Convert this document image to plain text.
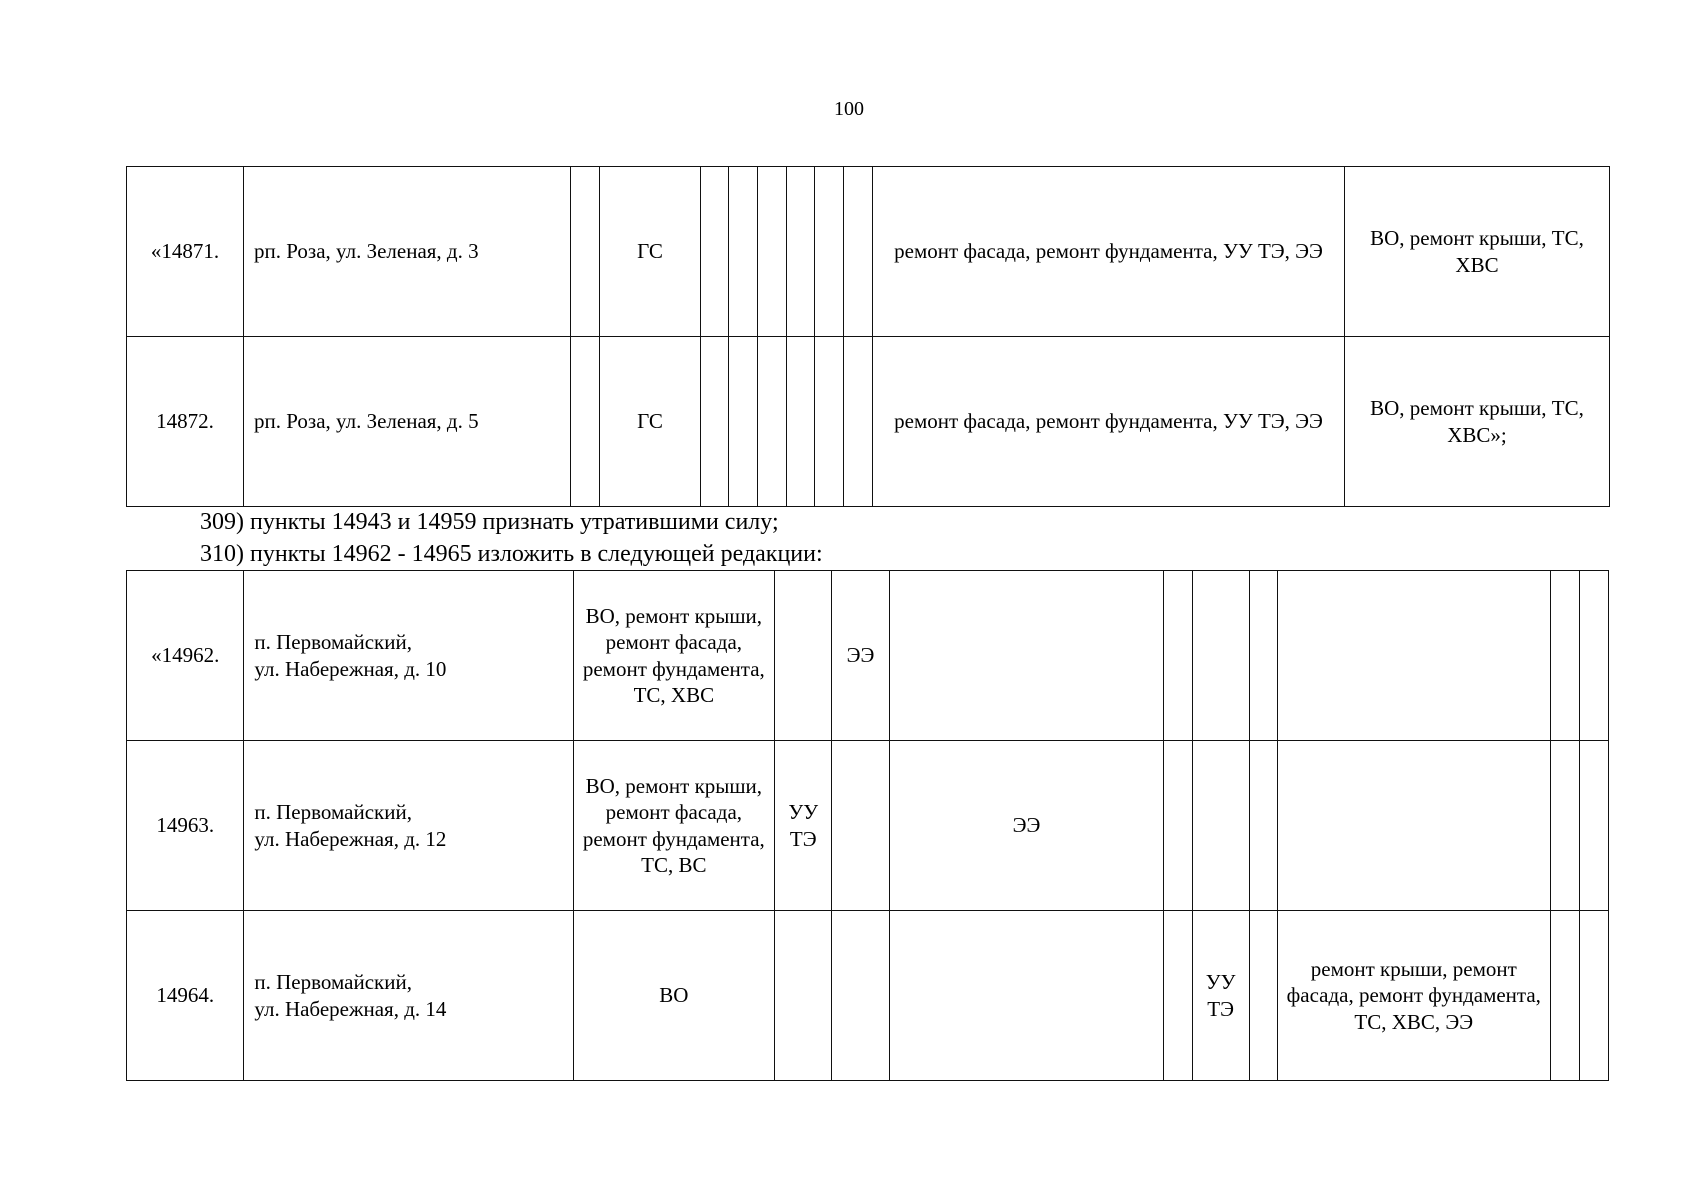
100
«14871.	рп. Роза, ул. Зеленая, д. 3		ГС							ремонт фасада, ремонт фундамента, УУ ТЭ, ЭЭ	ВО, ремонт крыши, ТС, ХВС
14872.	рп. Роза, ул. Зеленая, д. 5		ГС							ремонт фасада, ремонт фундамента, УУ ТЭ, ЭЭ	ВО, ремонт крыши, ТС, ХВС»;
309) пункты 14943 и 14959 признать утратившими силу;
310) пункты 14962 - 14965 изложить в следующей редакции:
«14962.	п. Первомайский,
ул. Набережная, д. 10	ВО, ремонт крыши, ремонт фасада, ремонт фундамента, ТС, ХВС		ЭЭ							
14963.	п. Первомайский,
ул. Набережная, д. 12	ВО, ремонт крыши, ремонт фасада, ремонт фундамента, ТС, ВС	УУ ТЭ		ЭЭ						
14964.	п. Первомайский,
ул. Набережная, д. 14	ВО					УУ ТЭ		ремонт крыши, ремонт фасада, ремонт фундамента, ТС, ХВС, ЭЭ		
